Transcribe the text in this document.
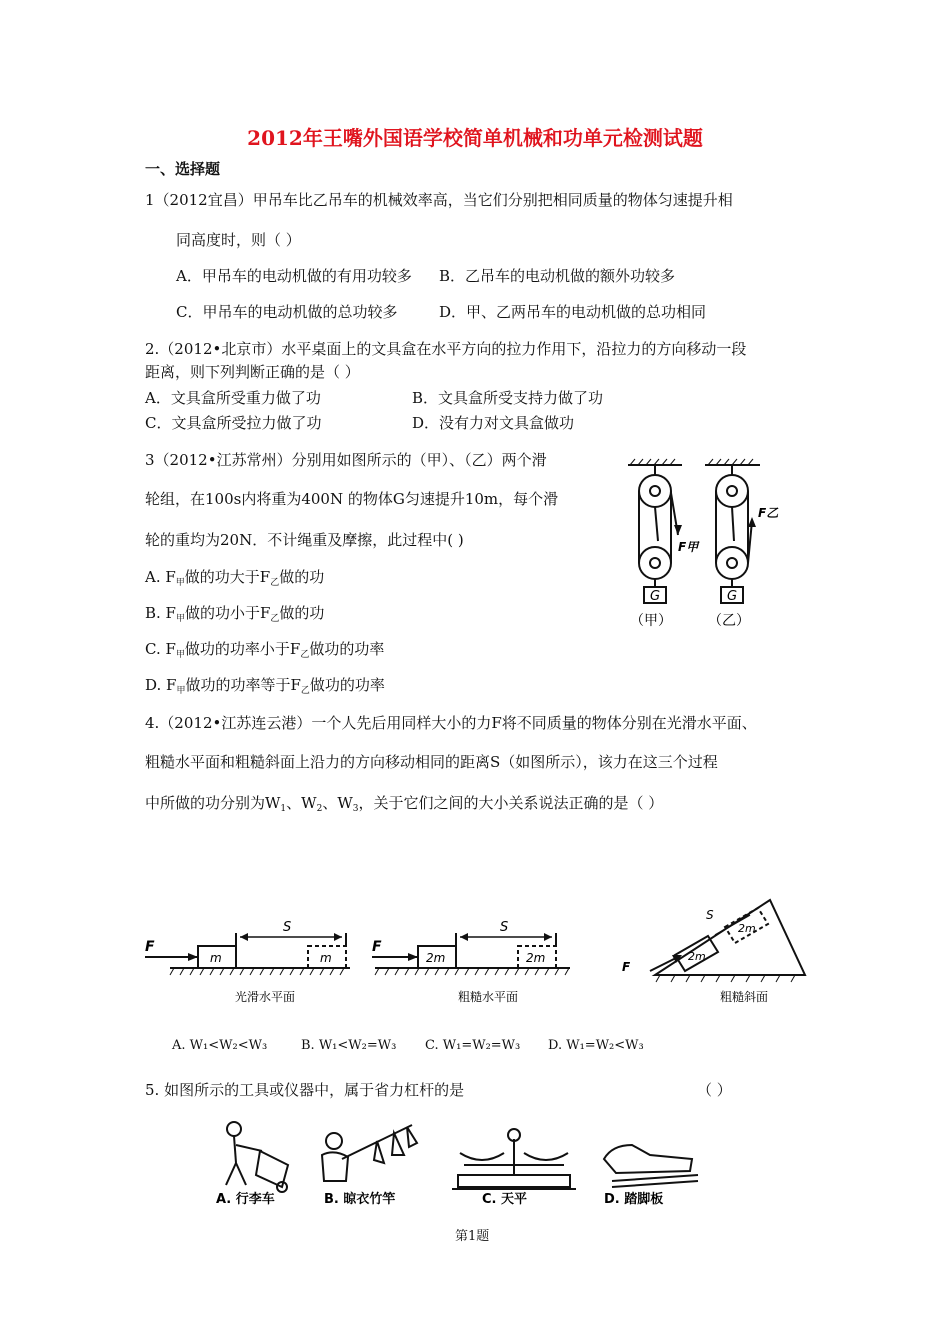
2012年王嘴外国语学校简单机械和功单元检测试题
一、选择题
1（2012宜昌）甲吊车比乙吊车的机械效率高，当它们分别把相同质量的物体匀速提升相
同高度时，则（ ）
A．甲吊车的电动机做的有用功较多 B．乙吊车的电动机做的额外功较多
C．甲吊车的电动机做的总功较多	D．甲、乙两吊车的电动机做的总功相同
2.（2012•北京市）水平桌面上的文具盒在水平方向的拉力作用下，沿拉力的方向移动一段
距离，则下列判断正确的是（ ）
A．文具盒所受重力做了功	B．文具盒所受支持力做了功
C．文具盒所受拉力做了功	D．没有力对文具盒做功
3（2012•江苏常州）分别用如图所示的（甲）、（乙）两个滑
轮组，在100s内将重为400N 的物体G匀速提升10m，每个滑
轮的重均为20N．不计绳重及摩擦，此过程中( )
A. $F_甲$做的功大于$F_乙$做的功
B. $F_甲$做的功小于$F_乙$做的功
C. $F_甲$做功的功率小于$F_乙$做功的功率
D. $F_甲$做功的功率等于$F_乙$做功的功率
G	G
F甲
F乙
（甲）	（乙）
4.（2012•江苏连云港）一个人先后用同样大小的力F将不同质量的物体分别在光滑水平面、
粗糙水平面和粗糙斜面上沿力的方向移动相同的距离S（如图所示），该力在这三个过程
中所做的功分别为$W_1$、$W_2$、$W_3$，关于它们之间的大小关系说法正确的是（ ）
F	F
F
S	S
S
m	m	2m	2m	2m
2m
光滑水平面	粗糙水平面	粗糙斜面
A. W₁<W₂<W₃	B. W₁<W₂=W₃ C. W₁=W₂=W₃ D. W₁=W₂<W₃
5. 如图所示的工具或仪器中，属于省力杠杆的是	（ ）
A. 行李车	B. 晾衣竹竿	C. 天平	D. 踏脚板
第1题
